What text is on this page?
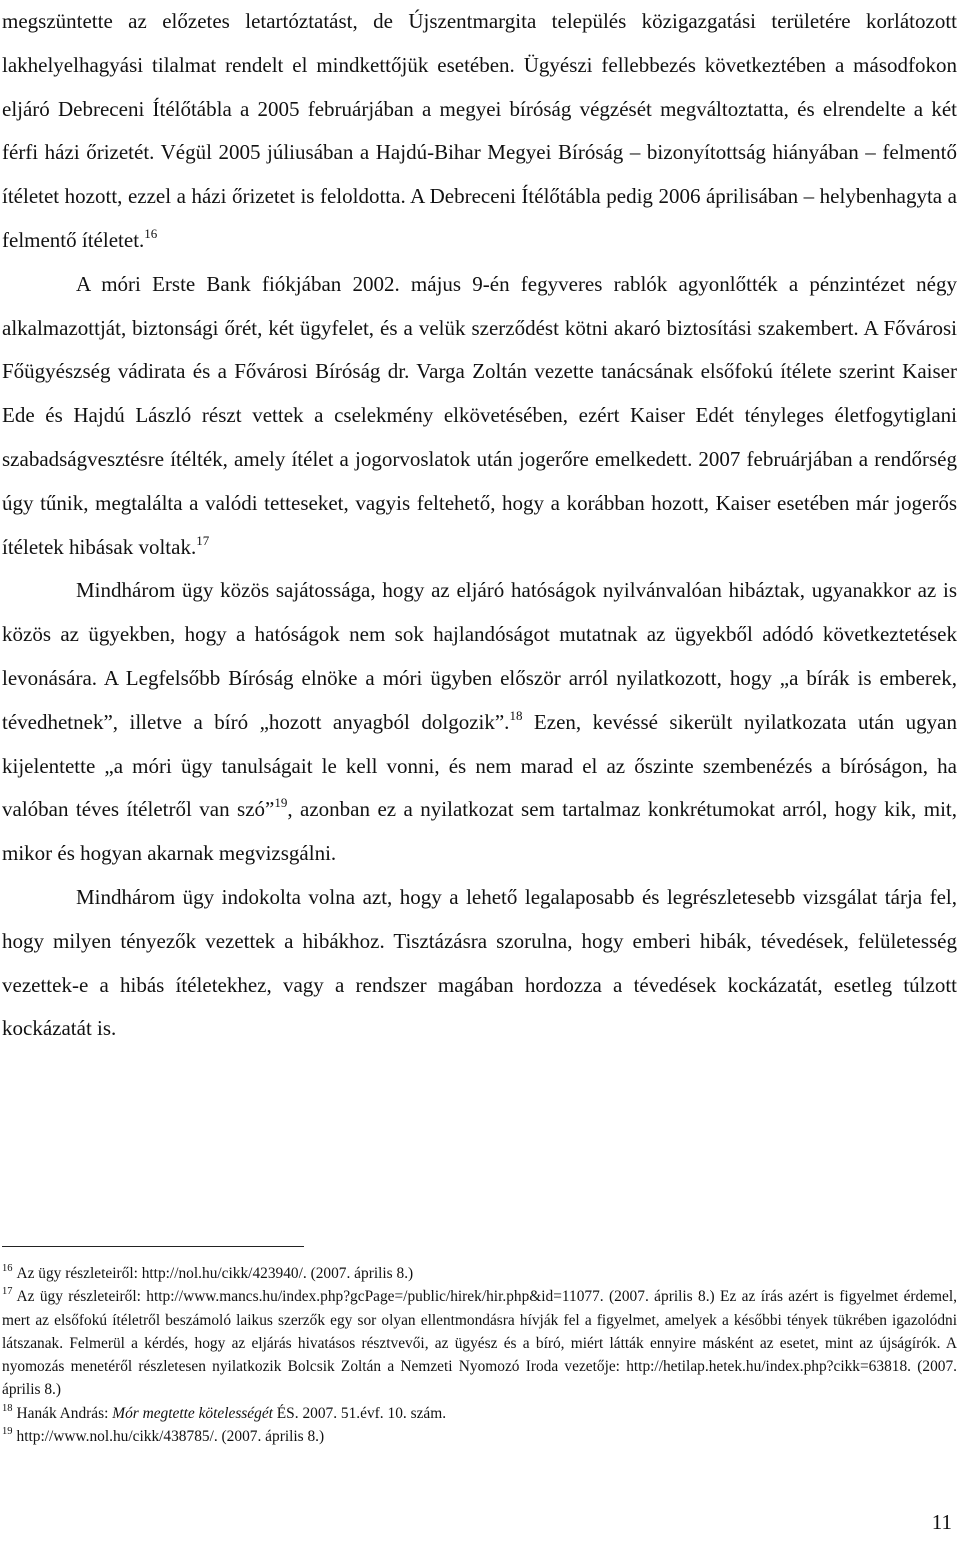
megszüntette az előzetes letartóztatást, de Újszentmargita település közigazgatási területére korlátozott lakhelyelhagyási tilalmat rendelt el mindkettőjük esetében. Ügyészi fellebbezés következtében a másodfokon eljáró Debreceni Ítélőtábla a 2005 februárjában a megyei bíróság végzését megváltoztatta, és elrendelte a két férfi házi őrizetét. Végül 2005 júliusában a Hajdú-Bihar Megyei Bíróság – bizonyítottság hiányában – felmentő ítéletet hozott, ezzel a házi őrizetet is feloldotta. A Debreceni Ítélőtábla pedig 2006 áprilisában – helybenhagyta a felmentő ítéletet.$^{16}$

A móri Erste Bank fiókjában 2002. május 9-én fegyveres rablók agyonlőtték a pénzintézet négy alkalmazottját, biztonsági őrét, két ügyfelet, és a velük szerződést kötni akaró biztosítási szakembert. A Fővárosi Főügyészség vádirata és a Fővárosi Bíróság dr. Varga Zoltán vezette tanácsának elsőfokú ítélete szerint Kaiser Ede és Hajdú László részt vettek a cselekmény elkövetésében, ezért Kaiser Edét tényleges életfogytiglani szabadságvesztésre ítélték, amely ítélet a jogorvoslatok után jogerőre emelkedett. 2007 februárjában a rendőrség úgy tűnik, megtalálta a valódi tetteseket, vagyis feltehető, hogy a korábban hozott, Kaiser esetében már jogerős ítéletek hibásak voltak.$^{17}$

Mindhárom ügy közös sajátossága, hogy az eljáró hatóságok nyilvánvalóan hibáztak, ugyanakkor az is közös az ügyekben, hogy a hatóságok nem sok hajlandóságot mutatnak az ügyekből adódó következtetések levonására. A Legfelsőbb Bíróság elnöke a móri ügyben először arról nyilatkozott, hogy „a bírák is emberek, tévedhetnek”, illetve a bíró „hozott anyagból dolgozik”.$^{18}$ Ezen, kevéssé sikerült nyilatkozata után ugyan kijelentette „a móri ügy tanulságait le kell vonni, és nem marad el az őszinte szembenézés a bíróságon, ha valóban téves ítéletről van szó”$^{19}$, azonban ez a nyilatkozat sem tartalmaz konkrétumokat arról, hogy kik, mit, mikor és hogyan akarnak megvizsgálni.

Mindhárom ügy indokolta volna azt, hogy a lehető legalaposabb és legrészletesebb vizsgálat tárja fel, hogy milyen tényezők vezettek a hibákhoz. Tisztázásra szorulna, hogy emberi hibák, tévedések, felületesség vezettek-e a hibás ítéletekhez, vagy a rendszer magában hordozza a tévedések kockázatát, esetleg túlzott kockázatát is.

$^{16}$ Az ügy részleteiről: http://nol.hu/cikk/423940/. (2007. április 8.)

$^{17}$ Az ügy részleteiről: http://www.mancs.hu/index.php?gcPage=/public/hirek/hir.php&id=11077. (2007. április 8.) Ez az írás azért is figyelmet érdemel, mert az elsőfokú ítéletről beszámoló laikus szerzők egy sor olyan ellentmondásra hívják fel a figyelmet, amelyek a későbbi tények tükrében igazolódni látszanak. Felmerül a kérdés, hogy az eljárás hivatásos résztvevői, az ügyész és a bíró, miért látták ennyire másként az esetet, mint az újságírók. A nyomozás menetéről részletesen nyilatkozik Bolcsik Zoltán a Nemzeti Nyomozó Iroda vezetője: http://hetilap.hetek.hu/index.php?cikk=63818. (2007. április 8.)

$^{18}$ Hanák András: Mór megtette kötelességét ÉS. 2007. 51.évf. 10. szám.

$^{19}$ http://www.nol.hu/cikk/438785/. (2007. április 8.)

11
